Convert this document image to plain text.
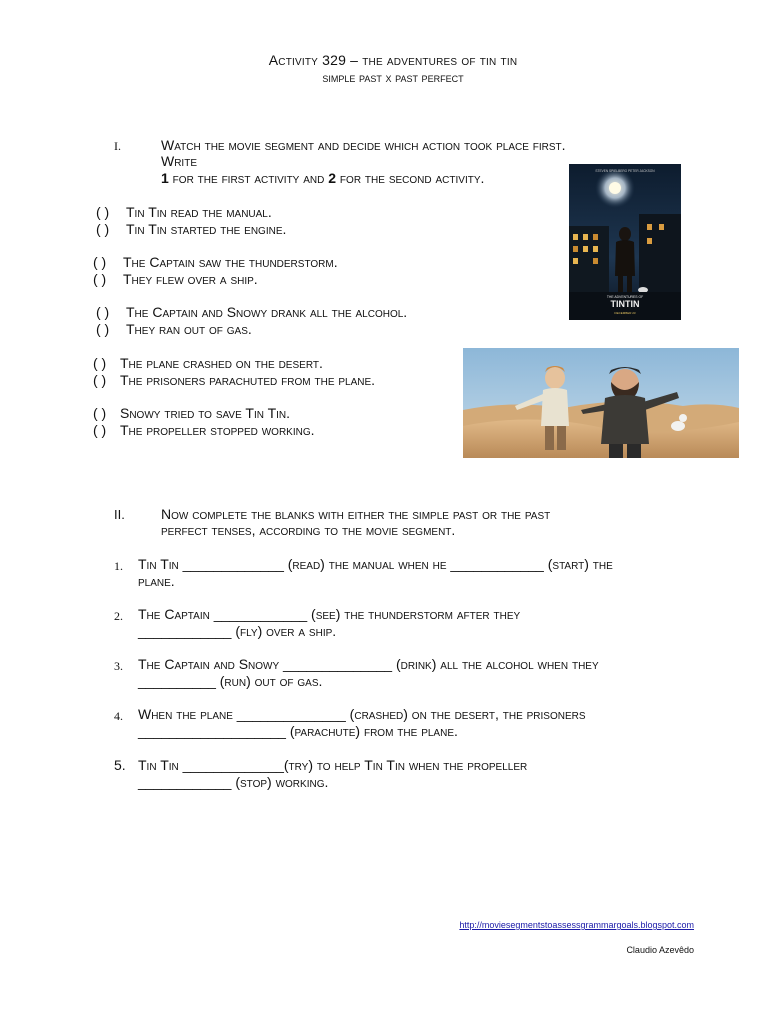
Activity 329 – the adventures of tin tin
simple past x past perfect
I.	Watch the movie segment and decide which action took place first.
Write
1 for the first activity and 2 for the second activity.
( ) Tin Tin read the manual.
( ) Tin Tin started the engine.
( ) The Captain saw the thunderstorm.
( ) They flew over a ship.
( ) The Captain and Snowy drank all the alcohol.
( ) They ran out of gas.
( ) The plane crashed on the desert.
( ) The prisoners parachuted from the plane.
( ) Snowy tried to save Tin Tin.
( ) The propeller stopped working.
STEVEN SPIELBERG PETER JACKSON
THE ADVENTURES OF
TINTIN
DECEMBER 23
II.	Now complete the blanks with either the simple past or the past
perfect tenses, according to the movie segment.
1. Tin Tin _____________ (read) the manual when he ____________ (start) the
plane.
2. The Captain ____________ (see) the thunderstorm after they
____________ (fly) over a ship.
3. The Captain and Snowy ______________ (drink) all the alcohol when they
__________ (run) out of gas.
4. When the plane ______________ (crashed) on the desert, the prisoners
___________________ (parachute) from the plane.
5. Tin Tin _____________(try) to help Tin Tin when the propeller
____________ (stop) working.
http://moviesegmentstoassessgrammargoals.blogspot.com
Claudio Azevêdo
